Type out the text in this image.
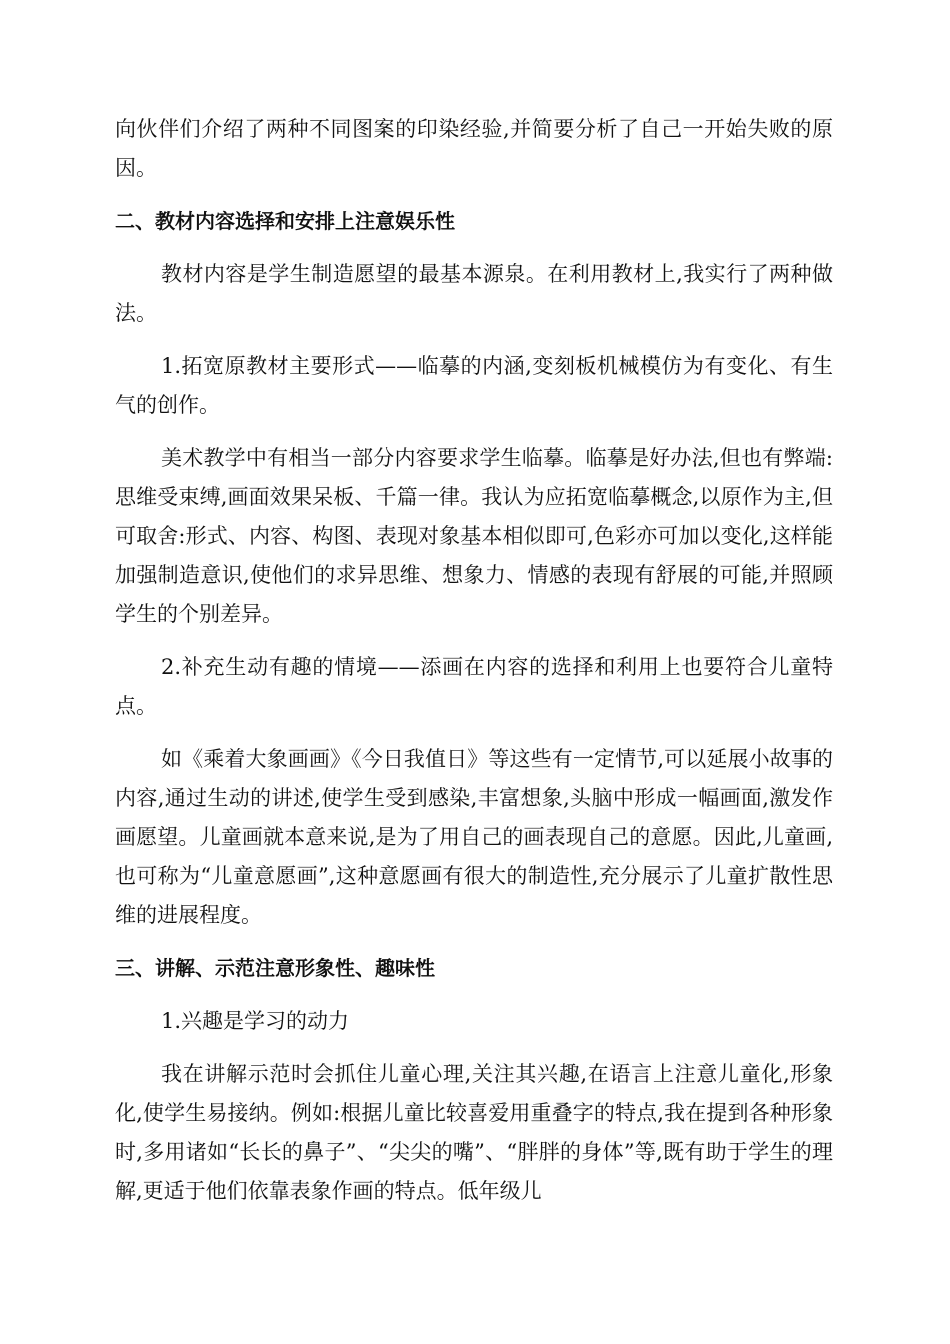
向伙伴们介绍了两种不同图案的印染经验,并简要分析了自己一开始失败的原因。

二、教材内容选择和安排上注意娱乐性

教材内容是学生制造愿望的最基本源泉。在利用教材上,我实行了两种做法。

1.拓宽原教材主要形式——临摹的内涵,变刻板机械模仿为有变化、有生气的创作。

美术教学中有相当一部分内容要求学生临摹。临摹是好办法,但也有弊端:思维受束缚,画面效果呆板、千篇一律。我认为应拓宽临摹概念,以原作为主,但可取舍:形式、内容、构图、表现对象基本相似即可,色彩亦可加以变化,这样能加强制造意识,使他们的求异思维、想象力、情感的表现有舒展的可能,并照顾学生的个别差异。

2.补充生动有趣的情境——添画在内容的选择和利用上也要符合儿童特点。

如《乘着大象画画》《今日我值日》等这些有一定情节,可以延展小故事的内容,通过生动的讲述,使学生受到感染,丰富想象,头脑中形成一幅画面,激发作画愿望。儿童画就本意来说,是为了用自己的画表现自己的意愿。因此,儿童画,也可称为“儿童意愿画”,这种意愿画有很大的制造性,充分展示了儿童扩散性思维的进展程度。

三、讲解、示范注意形象性、趣味性

1.兴趣是学习的动力

我在讲解示范时会抓住儿童心理,关注其兴趣,在语言上注意儿童化,形象化,使学生易接纳。例如:根据儿童比较喜爱用重叠字的特点,我在提到各种形象时,多用诸如“长长的鼻子”、“尖尖的嘴”、“胖胖的身体”等,既有助于学生的理解,更适于他们依靠表象作画的特点。低年级儿
